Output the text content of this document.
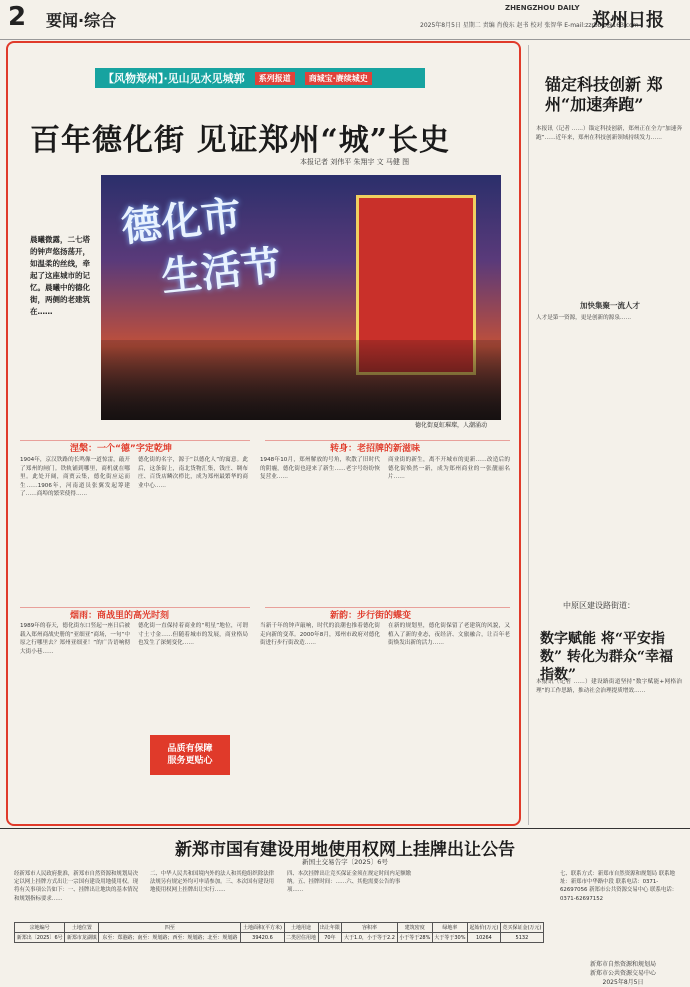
2 要闻·综合	2025年8月5日 星期二 责编 肖俊东 赵书 校对 张智华 E-mail:zzrbbjc@163.com
ZHENGZHOU DAILY
郑州日报
【风物郑州】·见山见水见城郭	系列报道	商城宝·赓续城史
百年德化街 见证郑州“城”长史
本报记者 刘伟平 朱翔宇 文 马健 图
晨曦微露，二七塔的钟声悠扬荡开，如温柔的丝线，牵起了这座城市的记忆。晨曦中的德化街，两侧的老建筑在……
德化市
生活节
德化街夏虹璀璨，人潮涌动
涅槃：一个“德”字定乾坤	转身：老招牌的新滋味
1904年，京汉铁路的长鸣像一道惊雷，敲开了郑州的闸门。铁轨铺到哪里，商机就在哪里。此处开阔，商贾云集，德化街应运而生……1906年，河南道员张翼发起筹建了……商埠的繁荣使得……
德化街的名字，源于“以德化人”的寓意。此后，这条街上，南北货物汇集，钱庄、绸布庄、百货店鳞次栉比，成为郑州最繁华的商业中心……
1948年10月，郑州解放的号角，吹散了旧时代的阴霾，德化街也迎来了新生……老字号纷纷恢复营业……
商业街的新生，离不开城市的更新……改造后的德化街焕然一新，成为郑州商业的一张靓丽名片……
烟雨：商战里的高光时刻	新韵：步行街的蝶变
1989年的春天，德化街东口竖起一座日后被载入郑州商战史册的“亚细亚”商场，一句“中原之行哪里去？郑州亚细亚！”的广告语响彻大街小巷……
德化街一直保持着商业的“明星”地位，可谓寸土寸金……但随着城市的发展，商业格局也发生了深刻变化……
品质有保障
服务更贴心
当新千年的钟声敲响，时代的浪潮也推着德化街走向新的变革。2000年8月，郑州市政府对德化街进行步行街改造……
在新的规划里，德化街保留了老建筑的风貌，又植入了新的业态，夜经济、文旅融合，让百年老街焕发出新的活力……
锚定科技创新 郑州“加速奔跑”
本报讯（记者 ……）锚定科技创新，郑州正在全力“加速奔跑”……近年来，郑州在科技创新领域持续发力……
加快集聚一流人才
人才是第一资源，更是创新的源泉……
中原区建设路街道：
数字赋能 将“平安指数” 转化为群众“幸福指数”
本报讯（记者 ……）建设路街道坚持“数字赋能+网格治理”的工作思路，推动社会治理提质增效……
新郑市国有建设用地使用权网上挂牌出让公告
新国土交易告字〔2025〕6号
经新郑市人民政府批准，新郑市自然资源和规划局决定以网上挂牌方式出让一宗国有建设用地使用权。现将有关事项公告如下：一、挂牌出让地块的基本情况和规划指标要求……
二、中华人民共和国境内外的法人和其他组织除法律法规另有规定外均可申请参加。三、本次国有建设用地使用权网上挂牌出让实行……
四、本次挂牌出让竞买保证金须在规定时间内足额缴纳。五、挂牌时间：……六、其他需要公告的事项……
七、联系方式：新郑市自然资源和规划局 联系地址：新郑市中华路中段 联系电话：0371-62697056 新郑市公共资源交易中心 联系电话：0371-62697152
宗地编号	土地位置	四至	土地面积(平方米)	土地用途	出让年限	容积率	建筑密度	绿地率	起始价(万元)	竞买保证金(万元)
新郑出〔2025〕6号	新郑市龙湖镇	东至：郑港路；南至：规划路；西至：规划路；北至：规划路	39420.6	二类居住用地	70年	大于1.0，小于等于2.2	小于等于28%	大于等于30%	10264	5132
新郑市自然资源和规划局
新郑市公共资源交易中心
2025年8月5日
